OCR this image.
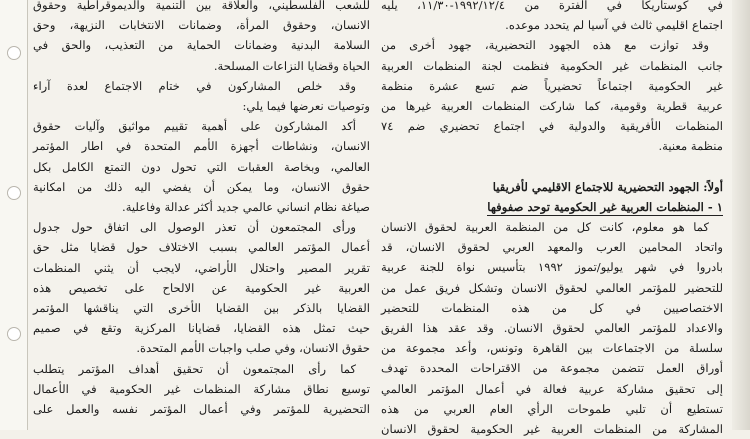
للشعب الفلسطيني، والعلاقة بين التنمية والديموقراطية وحقوق
الانسان، وحقوق المرأة، وضمانات الانتخابات النزيهة، وحق
السلامة البدنية وضمانات الحماية من التعذيب، والحق في
الحياة وقضايا النزاعات المسلحة.
وقد خلص المشاركون في ختام الاجتماع لعدة آراء
وتوصيات نعرضها فيما يلي:
أكد المشاركون على أهمية تقييم مواثيق وآليات حقوق
الانسان، ونشاطات أجهزة الأمم المتحدة في اطار المؤتمر
العالمي، وبخاصة العقبات التي تحول دون التمتع الكامل بكل
حقوق الانسان، وما يمكن أن يفضي اليه ذلك من امكانية
صياغة نظام انساني عالمي جديد أكثر عدالة وفاعلية.
ورأى المجتمعون أن تعذر الوصول الى اتفاق حول جدول
أعمال المؤتمر العالمي بسبب الاختلاف حول قضايا مثل حق
تقرير المصير واحتلال الأراضي، لايجب أن يثني المنظمات
العربية غير الحكومية عن الالحاح على تخصيص هذه
القضايا بالذكر بين القضايا الأخرى التي يناقشها المؤتمر
حيث تمثل هذه القضايا، قضايانا المركزية وتقع في صميم
حقوق الانسان، وفي صلب واجبات الأمم المتحدة.
كما رأى المجتمعون أن تحقيق أهداف المؤتمر يتطلب
توسيع نطاق مشاركة المنظمات غير الحكومية في الأعمال
التحضيرية للمؤتمر وفي أعمال المؤتمر نفسه والعمل على
في كوستاريكا في الفترة من ١٩٩٢/١٢/٤-١١/٣٠، يليه
اجتماع اقليمي ثالث في آسيا لم يتحدد موعده.
وقد توازت مع هذه الجهود التحضيرية، جهود أخرى من
جانب المنظمات غير الحكومية فنظمت لجنة المنظمات العربية
غير الحكومية اجتماعاً تحضيرياً ضم تسع عشرة منظمة
عربية قطرية وقومية، كما شاركت المنظمات العربية غيرها من
المنظمات الأفريقية والدولية في اجتماع تحضيري ضم ٧٤
منظمة معنية.
أولاً: الجهود التحضيرية للاجتماع الاقليمي لأفريقيا
١ - المنظمات العربية غير الحكومية توحد صفوفها
كما هو معلوم، كانت كل من المنظمة العربية لحقوق الانسان
واتحاد المحامين العرب والمعهد العربي لحقوق الانسان، قد
بادروا في شهر يوليو/تموز ١٩٩٢ بتأسيس نواة للجنة عربية
للتحضير للمؤتمر العالمي لحقوق الانسان وتشكل فريق عمل من
الاختصاصيين في كل من هذه المنظمات للتحضير
والاعداد للمؤتمر العالمي لحقوق الانسان. وقد عقد هذا الفريق
سلسلة من الاجتماعات بين القاهرة وتونس، وأعد مجموعة من
أوراق العمل تتضمن مجموعة من الاقتراحات المحددة تهدف
إلى تحقيق مشاركة عربية فعالة في أعمال المؤتمر العالمي
تستطيع أن تلبي طموحات الرأي العام العربي من هذه
المشاركة من المنظمات العربية غير الحكومية لحقوق الانسان
